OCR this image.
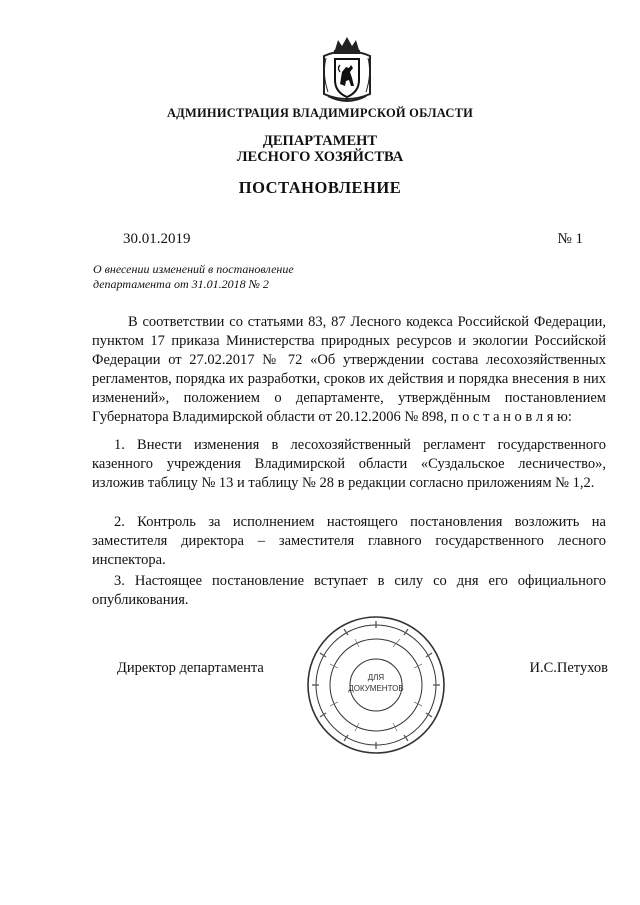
АДМИНИСТРАЦИЯ ВЛАДИМИРСКОЙ ОБЛАСТИ
ДЕПАРТАМЕНТ
ЛЕСНОГО ХОЗЯЙСТВА
ПОСТАНОВЛЕНИЕ
30.01.2019	№ 1
О внесении изменений в постановление
департамента от 31.01.2018 № 2
В соответствии со статьями 83, 87 Лесного кодекса Российской Федерации, пунктом 17 приказа Министерства природных ресурсов и экологии Российской Федерации от 27.02.2017 № 72 «Об утверждении состава лесохозяйственных регламентов, порядка их разработки, сроков их действия и порядка внесения в них изменений», положением о департаменте, утверждённым постановлением Губернатора Владимирской области от 20.12.2006 № 898, п о с т а н о в л я ю:
1. Внести изменения в лесохозяйственный регламент государственного казенного учреждения Владимирской области «Суздальское лесничество», изложив таблицу № 13 и таблицу № 28 в редакции согласно приложениям № 1,2.
2. Контроль за исполнением настоящего постановления возложить на заместителя директора – заместителя главного государственного лесного инспектора.
3. Настоящее постановление вступает в силу со дня его официального опубликования.
ДЛЯ
ДОКУМЕНТОВ
Директор департамента	И.С.Петухов
